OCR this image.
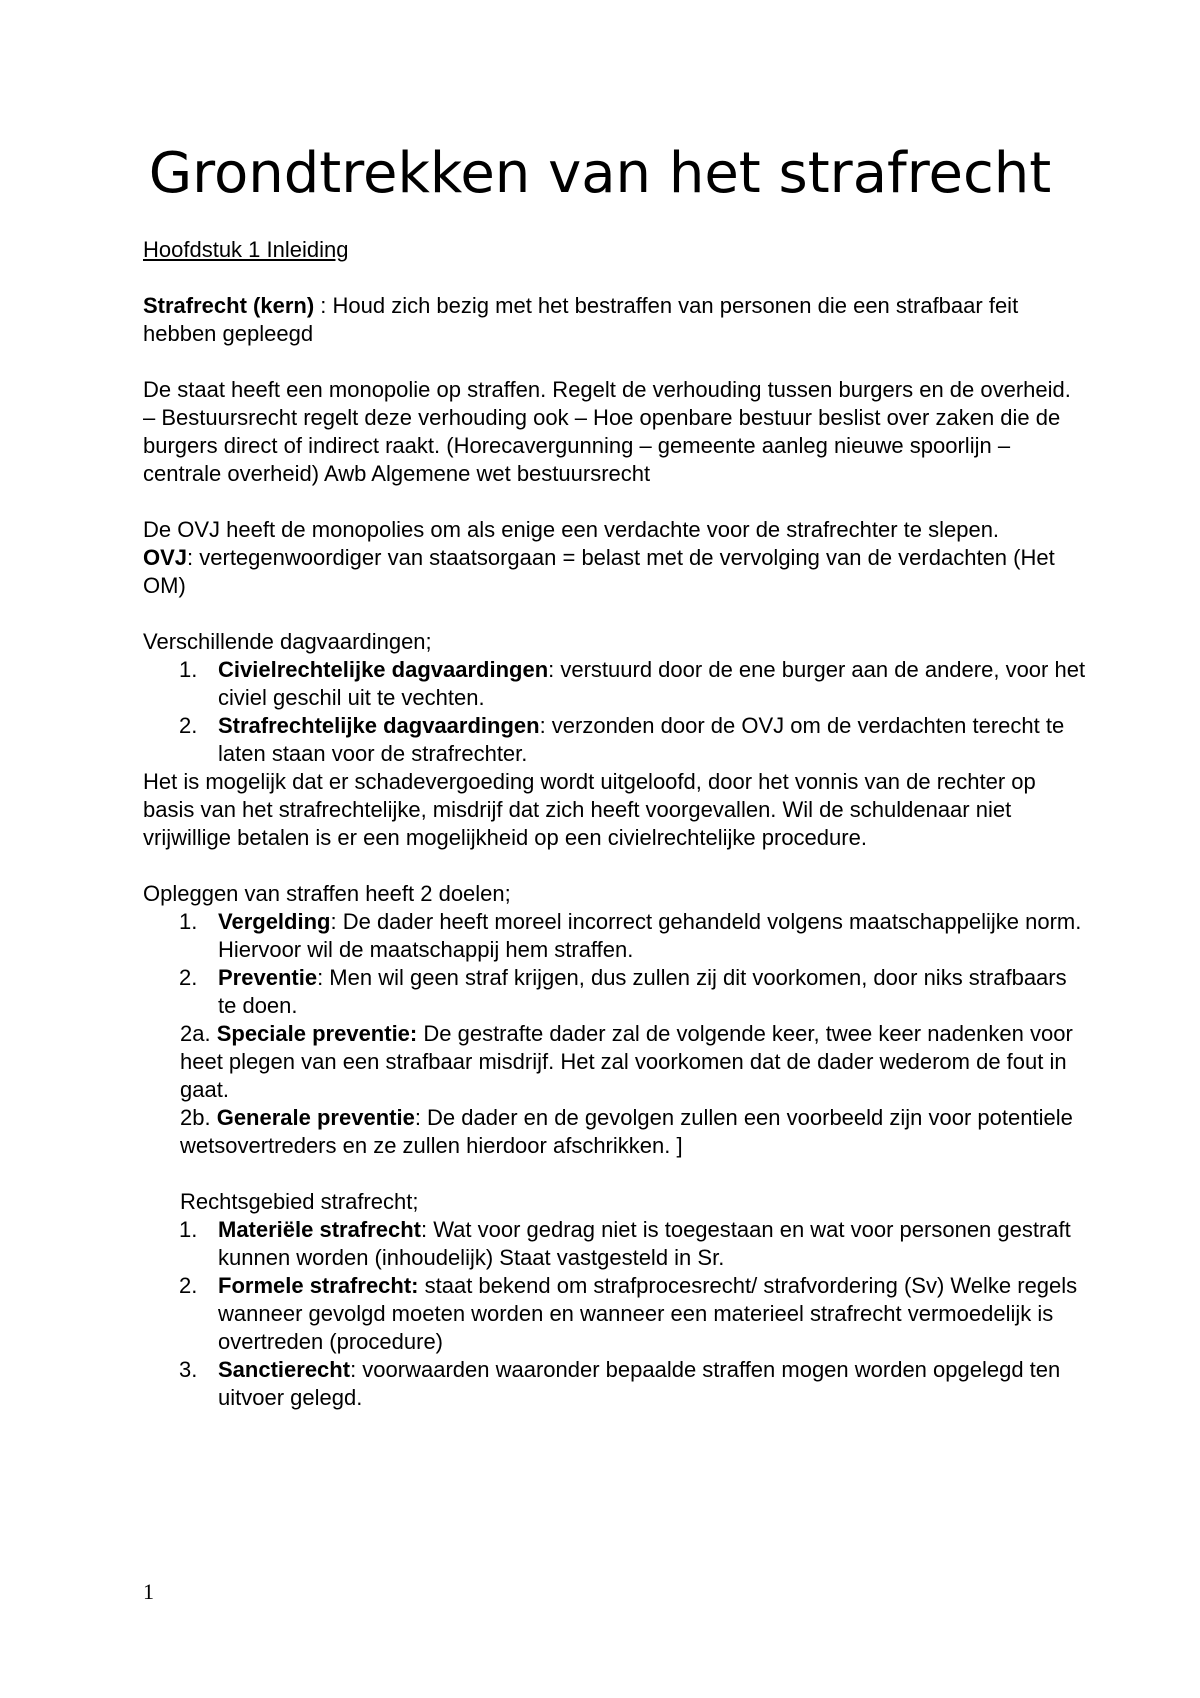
Grondtrekken van het strafrecht

Hoofdstuk 1 Inleiding

Strafrecht (kern) : Houd zich bezig met het bestraffen van personen die een strafbaar feit hebben gepleegd

De staat heeft een monopolie op straffen. Regelt de verhouding tussen burgers en de overheid. – Bestuursrecht regelt deze verhouding ook – Hoe openbare bestuur beslist over zaken die de burgers direct of indirect raakt. (Horecavergunning – gemeente aanleg nieuwe spoorlijn – centrale overheid) Awb Algemene wet bestuursrecht

De OVJ heeft de monopolies om als enige een verdachte voor de strafrechter te slepen.

OVJ: vertegenwoordiger van staatsorgaan = belast met de vervolging van de verdachten (Het OM)

Verschillende dagvaardingen;

1. Civielrechtelijke dagvaardingen: verstuurd door de ene burger aan de andere, voor het civiel geschil uit te vechten.
2. Strafrechtelijke dagvaardingen: verzonden door de OVJ om de verdachten terecht te laten staan voor de strafrechter.

Het is mogelijk dat er schadevergoeding wordt uitgeloofd, door het vonnis van de rechter op basis van het strafrechtelijke, misdrijf dat zich heeft voorgevallen. Wil de schuldenaar niet vrijwillige betalen is er een mogelijkheid op een civielrechtelijke procedure.

Opleggen van straffen heeft 2 doelen;

1. Vergelding: De dader heeft moreel incorrect gehandeld volgens maatschappelijke norm. Hiervoor wil de maatschappij hem straffen.
2. Preventie: Men wil geen straf krijgen, dus zullen zij dit voorkomen, door niks strafbaars te doen.

2a. Speciale preventie: De gestrafte dader zal de volgende keer, twee keer nadenken voor heet plegen van een strafbaar misdrijf. Het zal voorkomen dat de dader wederom de fout in gaat.

2b. Generale preventie: De dader en de gevolgen zullen een voorbeeld zijn voor potentiele wetsovertreders en ze zullen hierdoor afschrikken. ]

Rechtsgebied strafrecht;

1. Materiële strafrecht: Wat voor gedrag niet is toegestaan en wat voor personen gestraft kunnen worden (inhoudelijk) Staat vastgesteld in Sr.
2. Formele strafrecht: staat bekend om strafprocesrecht/ strafvordering (Sv) Welke regels wanneer gevolgd moeten worden en wanneer een materieel strafrecht vermoedelijk is overtreden (procedure)
3. Sanctierecht: voorwaarden waaronder bepaalde straffen mogen worden opgelegd ten uitvoer gelegd.
1
